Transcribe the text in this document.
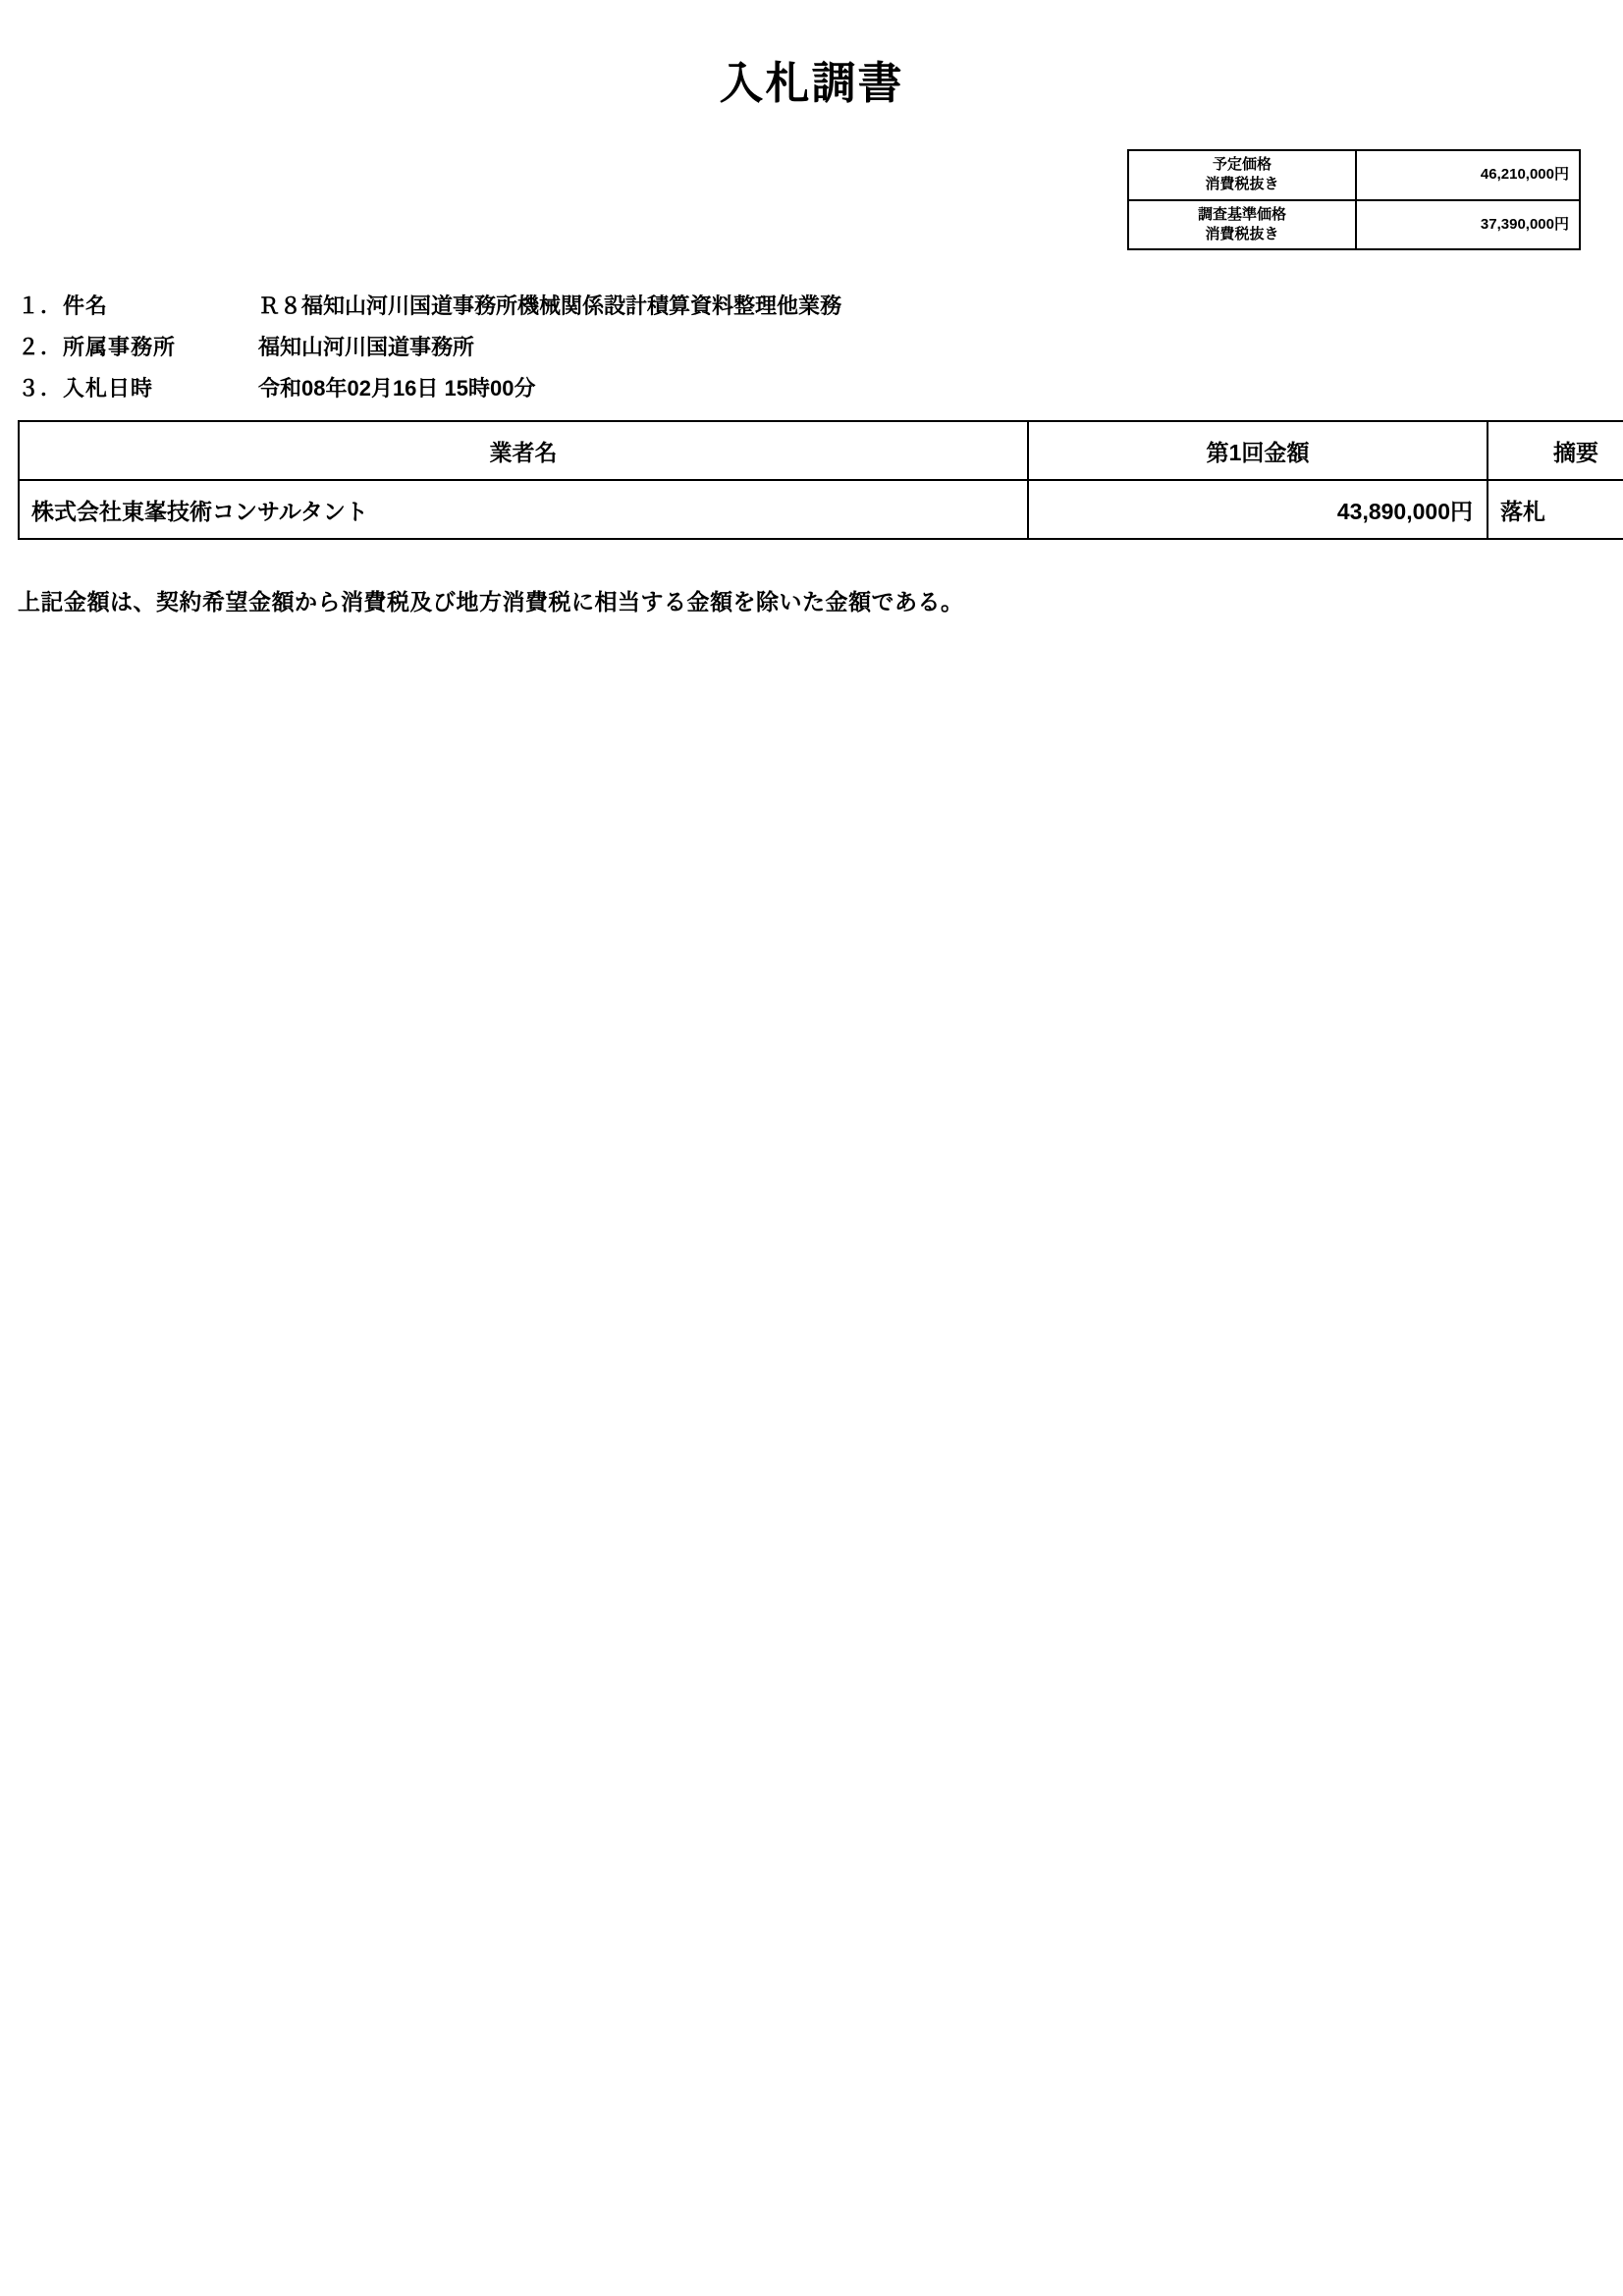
入札調書
予定価格
消費税抜き	46,210,000円

調査基準価格
消費税抜き	37,390,000円
１．件名	Ｒ８福知山河川国道事務所機械関係設計積算資料整理他業務
２．所属事務所	福知山河川国道事務所
３．入札日時	令和08年02月16日 15時00分
業者名	第1回金額	摘要
株式会社東峯技術コンサルタント	43,890,000円	落札
上記金額は、契約希望金額から消費税及び地方消費税に相当する金額を除いた金額である。
